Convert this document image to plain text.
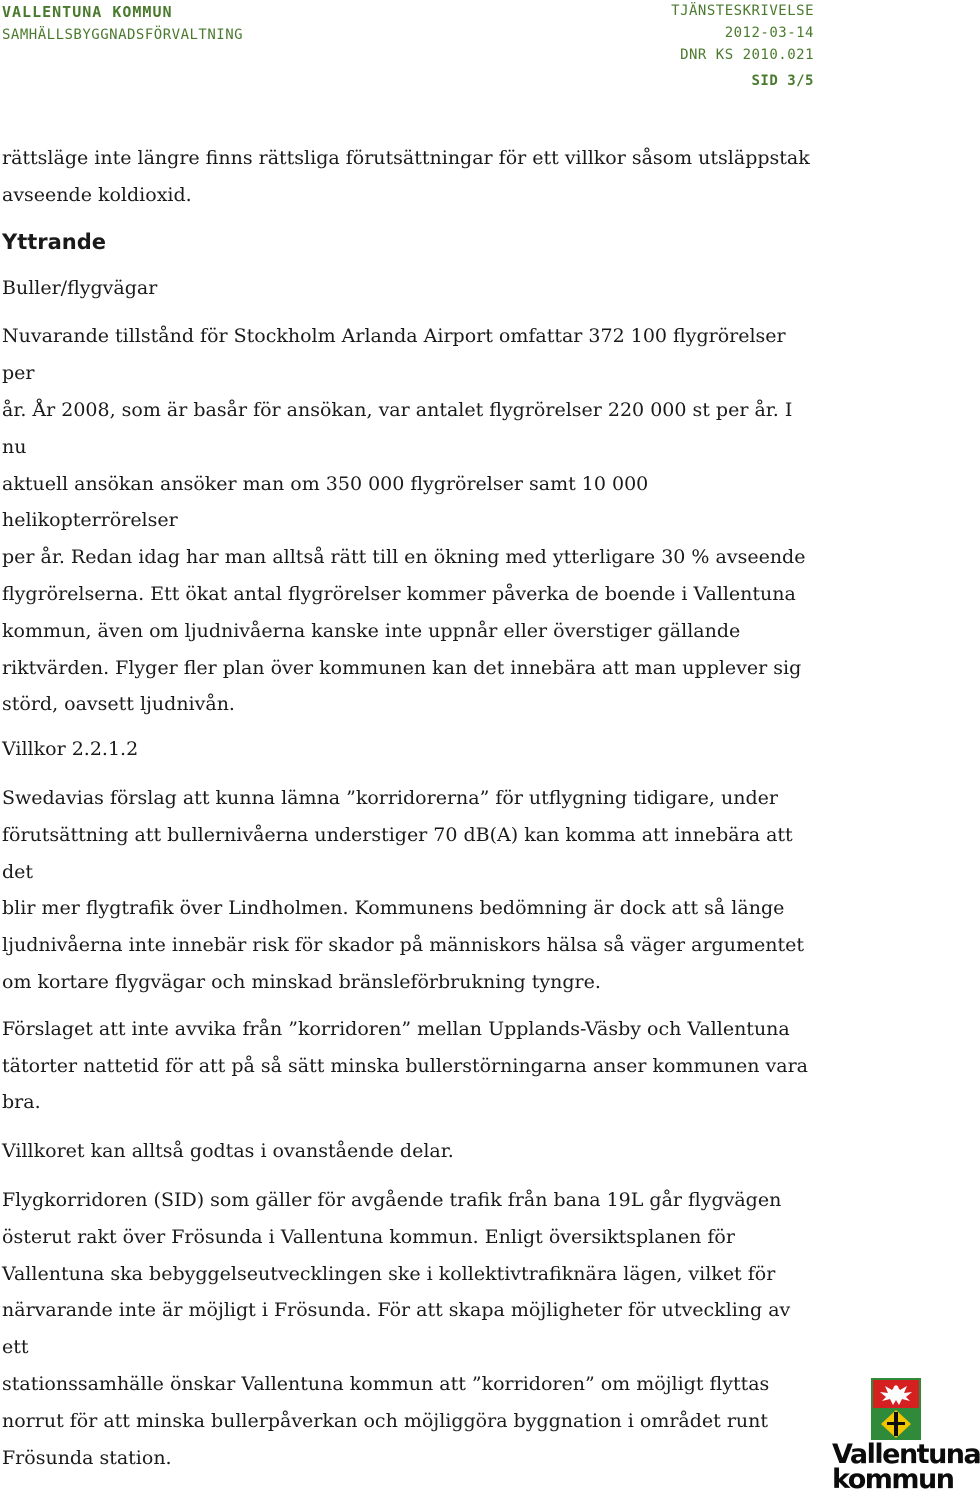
VALLENTUNA KOMMUN
SAMHÄLLSBYGGNADSFÖRVALTNING
TJÄNSTESKRIVELSE
2012-03-14
DNR KS 2010.021
SID 3/5

rättsläge inte längre finns rättsliga förutsättningar för ett villkor såsom utsläppstak avseende koldioxid.

Yttrande

Buller/flygvägar

Nuvarande tillstånd för Stockholm Arlanda Airport omfattar 372 100 flygrörelser per

år. År 2008, som är basår för ansökan, var antalet flygrörelser 220 000 st per år. I nu

aktuell ansökan ansöker man om 350 000 flygrörelser samt 10 000 helikopterrörelser

per år. Redan idag har man alltså rätt till en ökning med ytterligare 30 % avseende

flygrörelserna. Ett ökat antal flygrörelser kommer påverka de boende i Vallentuna

kommun, även om ljudnivåerna kanske inte uppnår eller överstiger gällande

riktvärden. Flyger fler plan över kommunen kan det innebära att man upplever sig

störd, oavsett ljudnivån.

Villkor 2.2.1.2

Swedavias förslag att kunna lämna ”korridorerna” för utflygning tidigare, under

förutsättning att bullernivåerna understiger 70 dB(A) kan komma att innebära att det

blir mer flygtrafik över Lindholmen. Kommunens bedömning är dock att så länge

ljudnivåerna inte innebär risk för skador på människors hälsa så väger argumentet

om kortare flygvägar och minskad bränsleförbrukning tyngre.

Förslaget att inte avvika från ”korridoren” mellan Upplands-Väsby och Vallentuna

tätorter nattetid för att på så sätt minska bullerstörningarna anser kommunen vara

bra.

Villkoret kan alltså godtas i ovanstående delar.

Flygkorridoren (SID) som gäller för avgående trafik från bana 19L går flygvägen

österut rakt över Frösunda i Vallentuna kommun. Enligt översiktsplanen för

Vallentuna ska bebyggelseutvecklingen ske i kollektivtrafiknära lägen, vilket för

närvarande inte är möjligt i Frösunda. För att skapa möjligheter för utveckling av ett

stationssamhälle önskar Vallentuna kommun att ”korridoren” om möjligt flyttas

norrut för att minska bullerpåverkan och möjliggöra byggnation i området runt

Frösunda station.	Vallentuna
kommun
